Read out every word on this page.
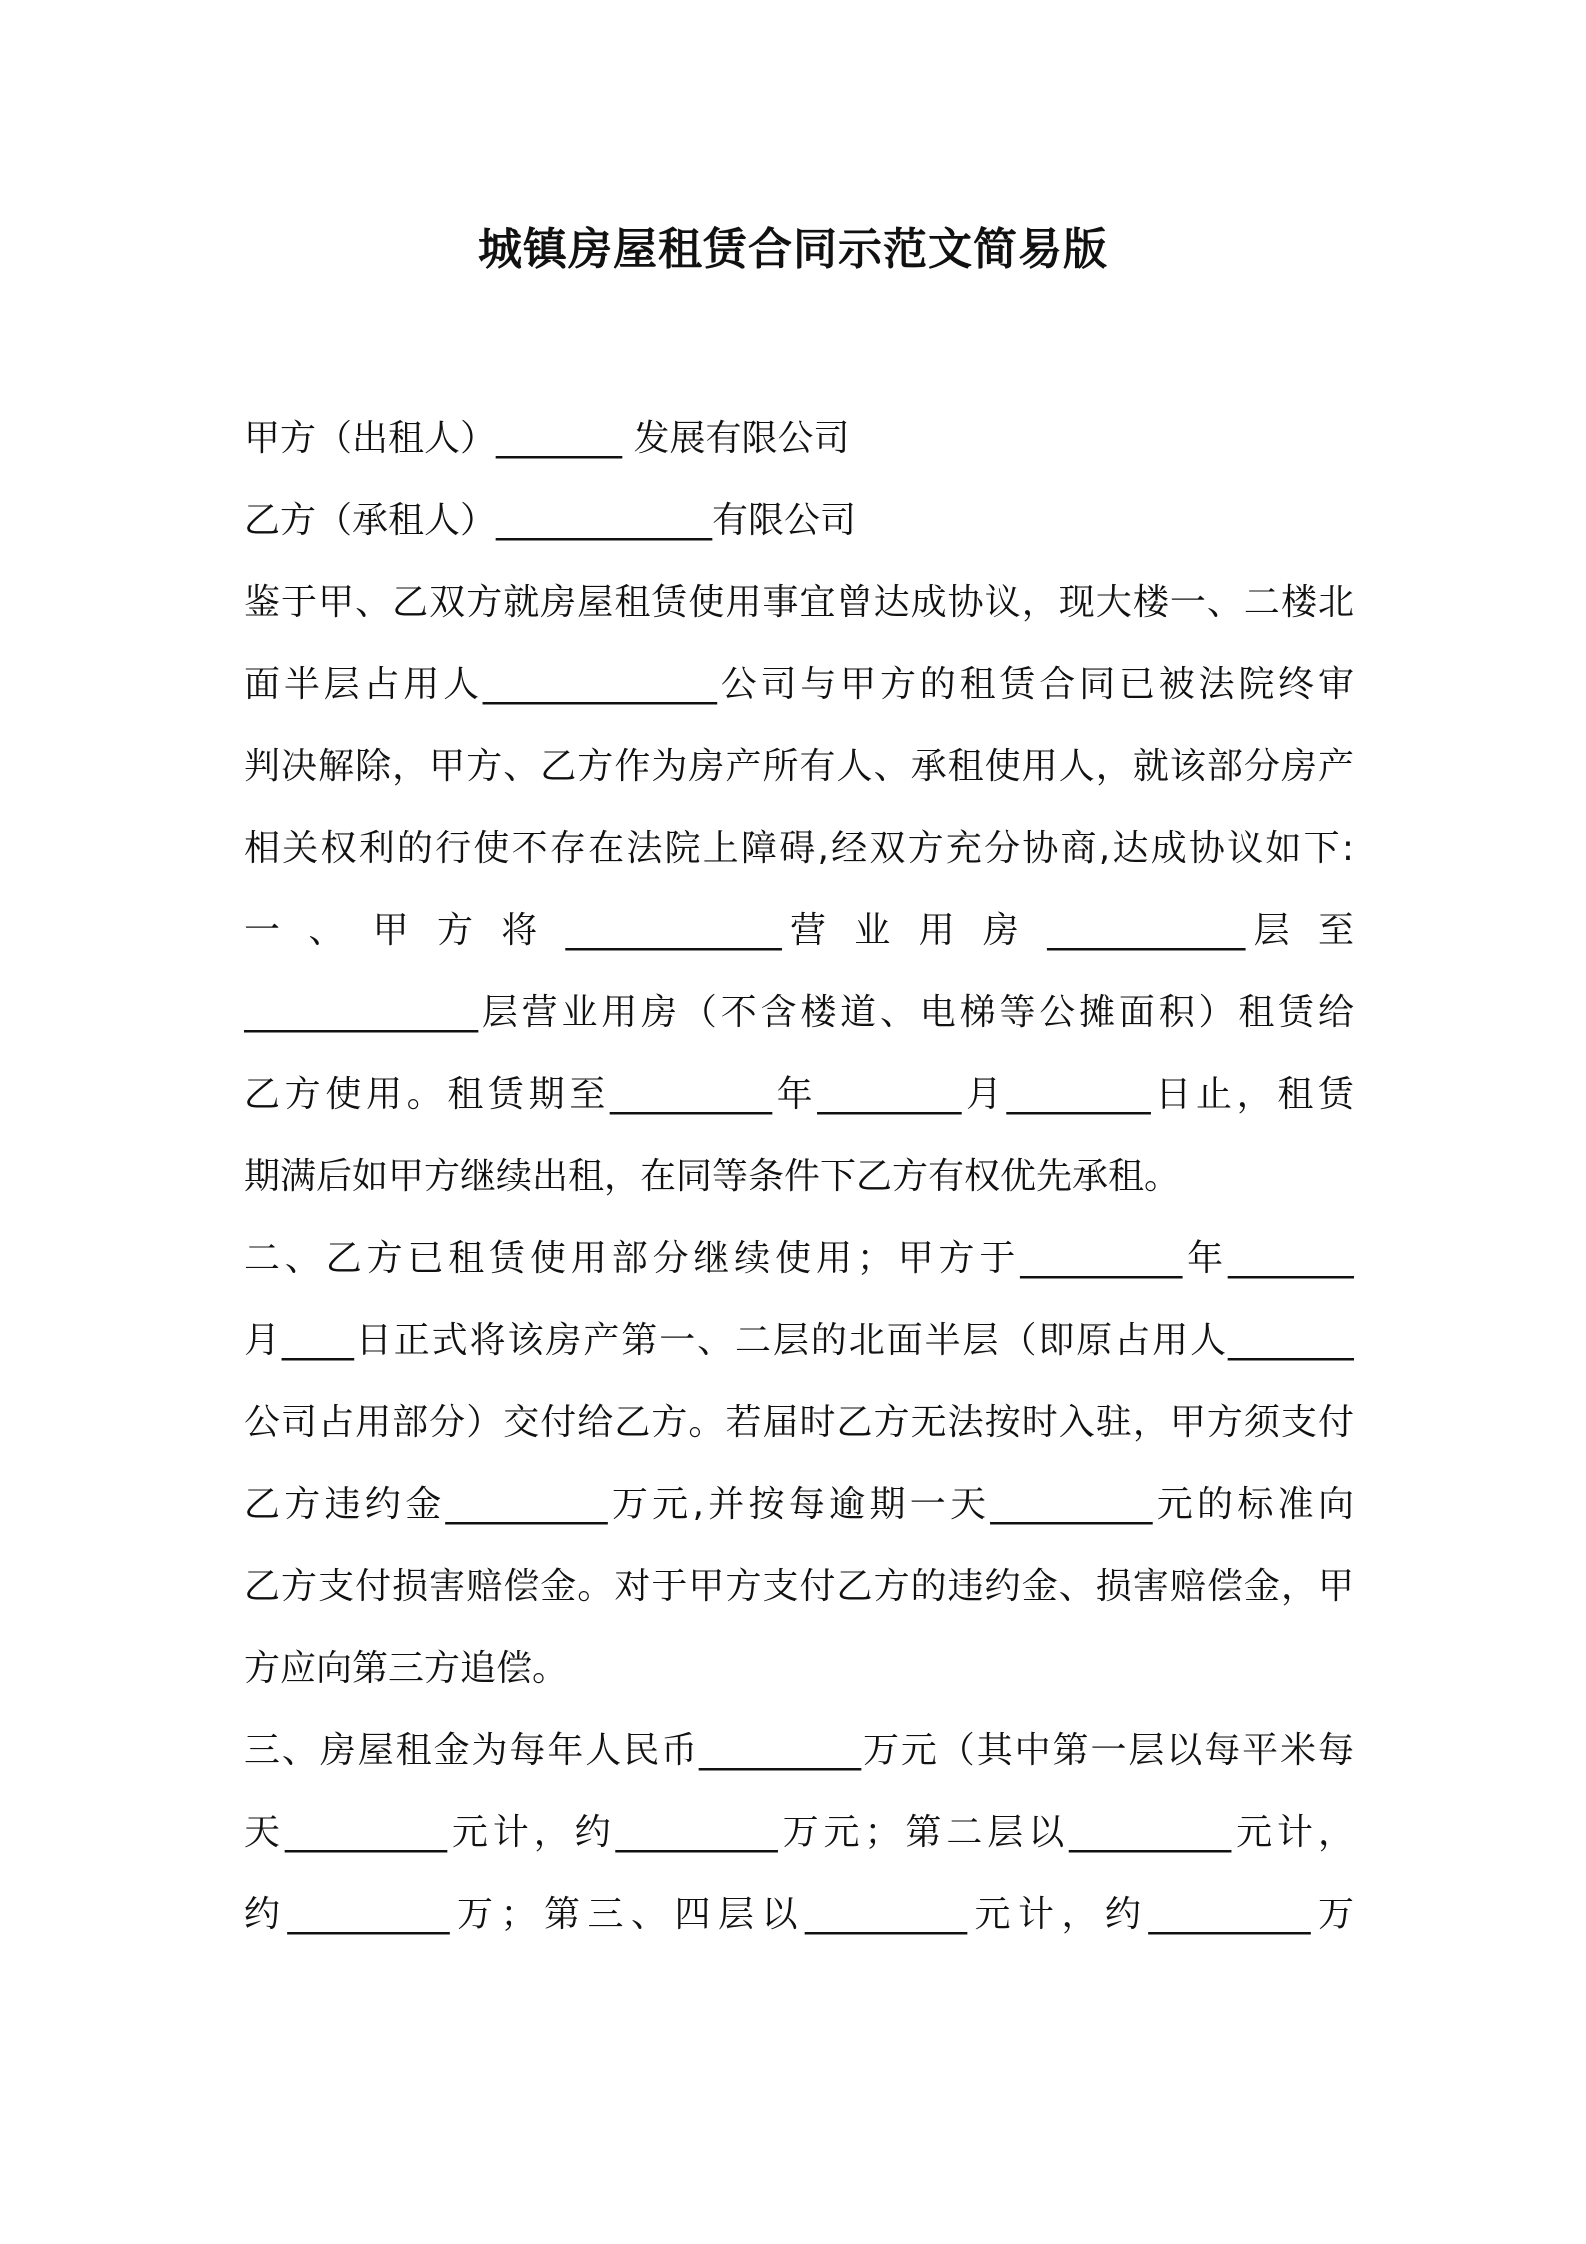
城镇房屋租赁合同示范文简易版
甲方（出租人）_______ 发展有限公司
乙方（承租人）____________有限公司
鉴于甲、乙双方就房屋租赁使用事宜曾达成协议，现大楼一、二楼北
面半层占用人_____________公司与甲方的租赁合同已被法院终审
判决解除，甲方、乙方作为房产所有人、承租使用人，就该部分房产
相关权利的行使不存在法院上障碍,经双方充分协商,达成协议如下:
一 、 甲 方 将 ____________营 业 用 房 ___________层 至
_____________层营业用房（不含楼道、电梯等公摊面积）租赁给
乙方使用。租赁期至_________年________月________日止，租赁
期满后如甲方继续出租，在同等条件下乙方有权优先承租。
二、乙方已租赁使用部分继续使用；甲方于_________年_______
月____日正式将该房产第一、二层的北面半层（即原占用人_______
公司占用部分）交付给乙方。若届时乙方无法按时入驻，甲方须支付
乙方违约金_________万元,并按每逾期一天_________元的标准向
乙方支付损害赔偿金。对于甲方支付乙方的违约金、损害赔偿金，甲
方应向第三方追偿。
三、房屋租金为每年人民币_________万元（其中第一层以每平米每
天_________元计，约_________万元；第二层以_________元计，
约_________万；第三、四层以_________元计，约_________万
